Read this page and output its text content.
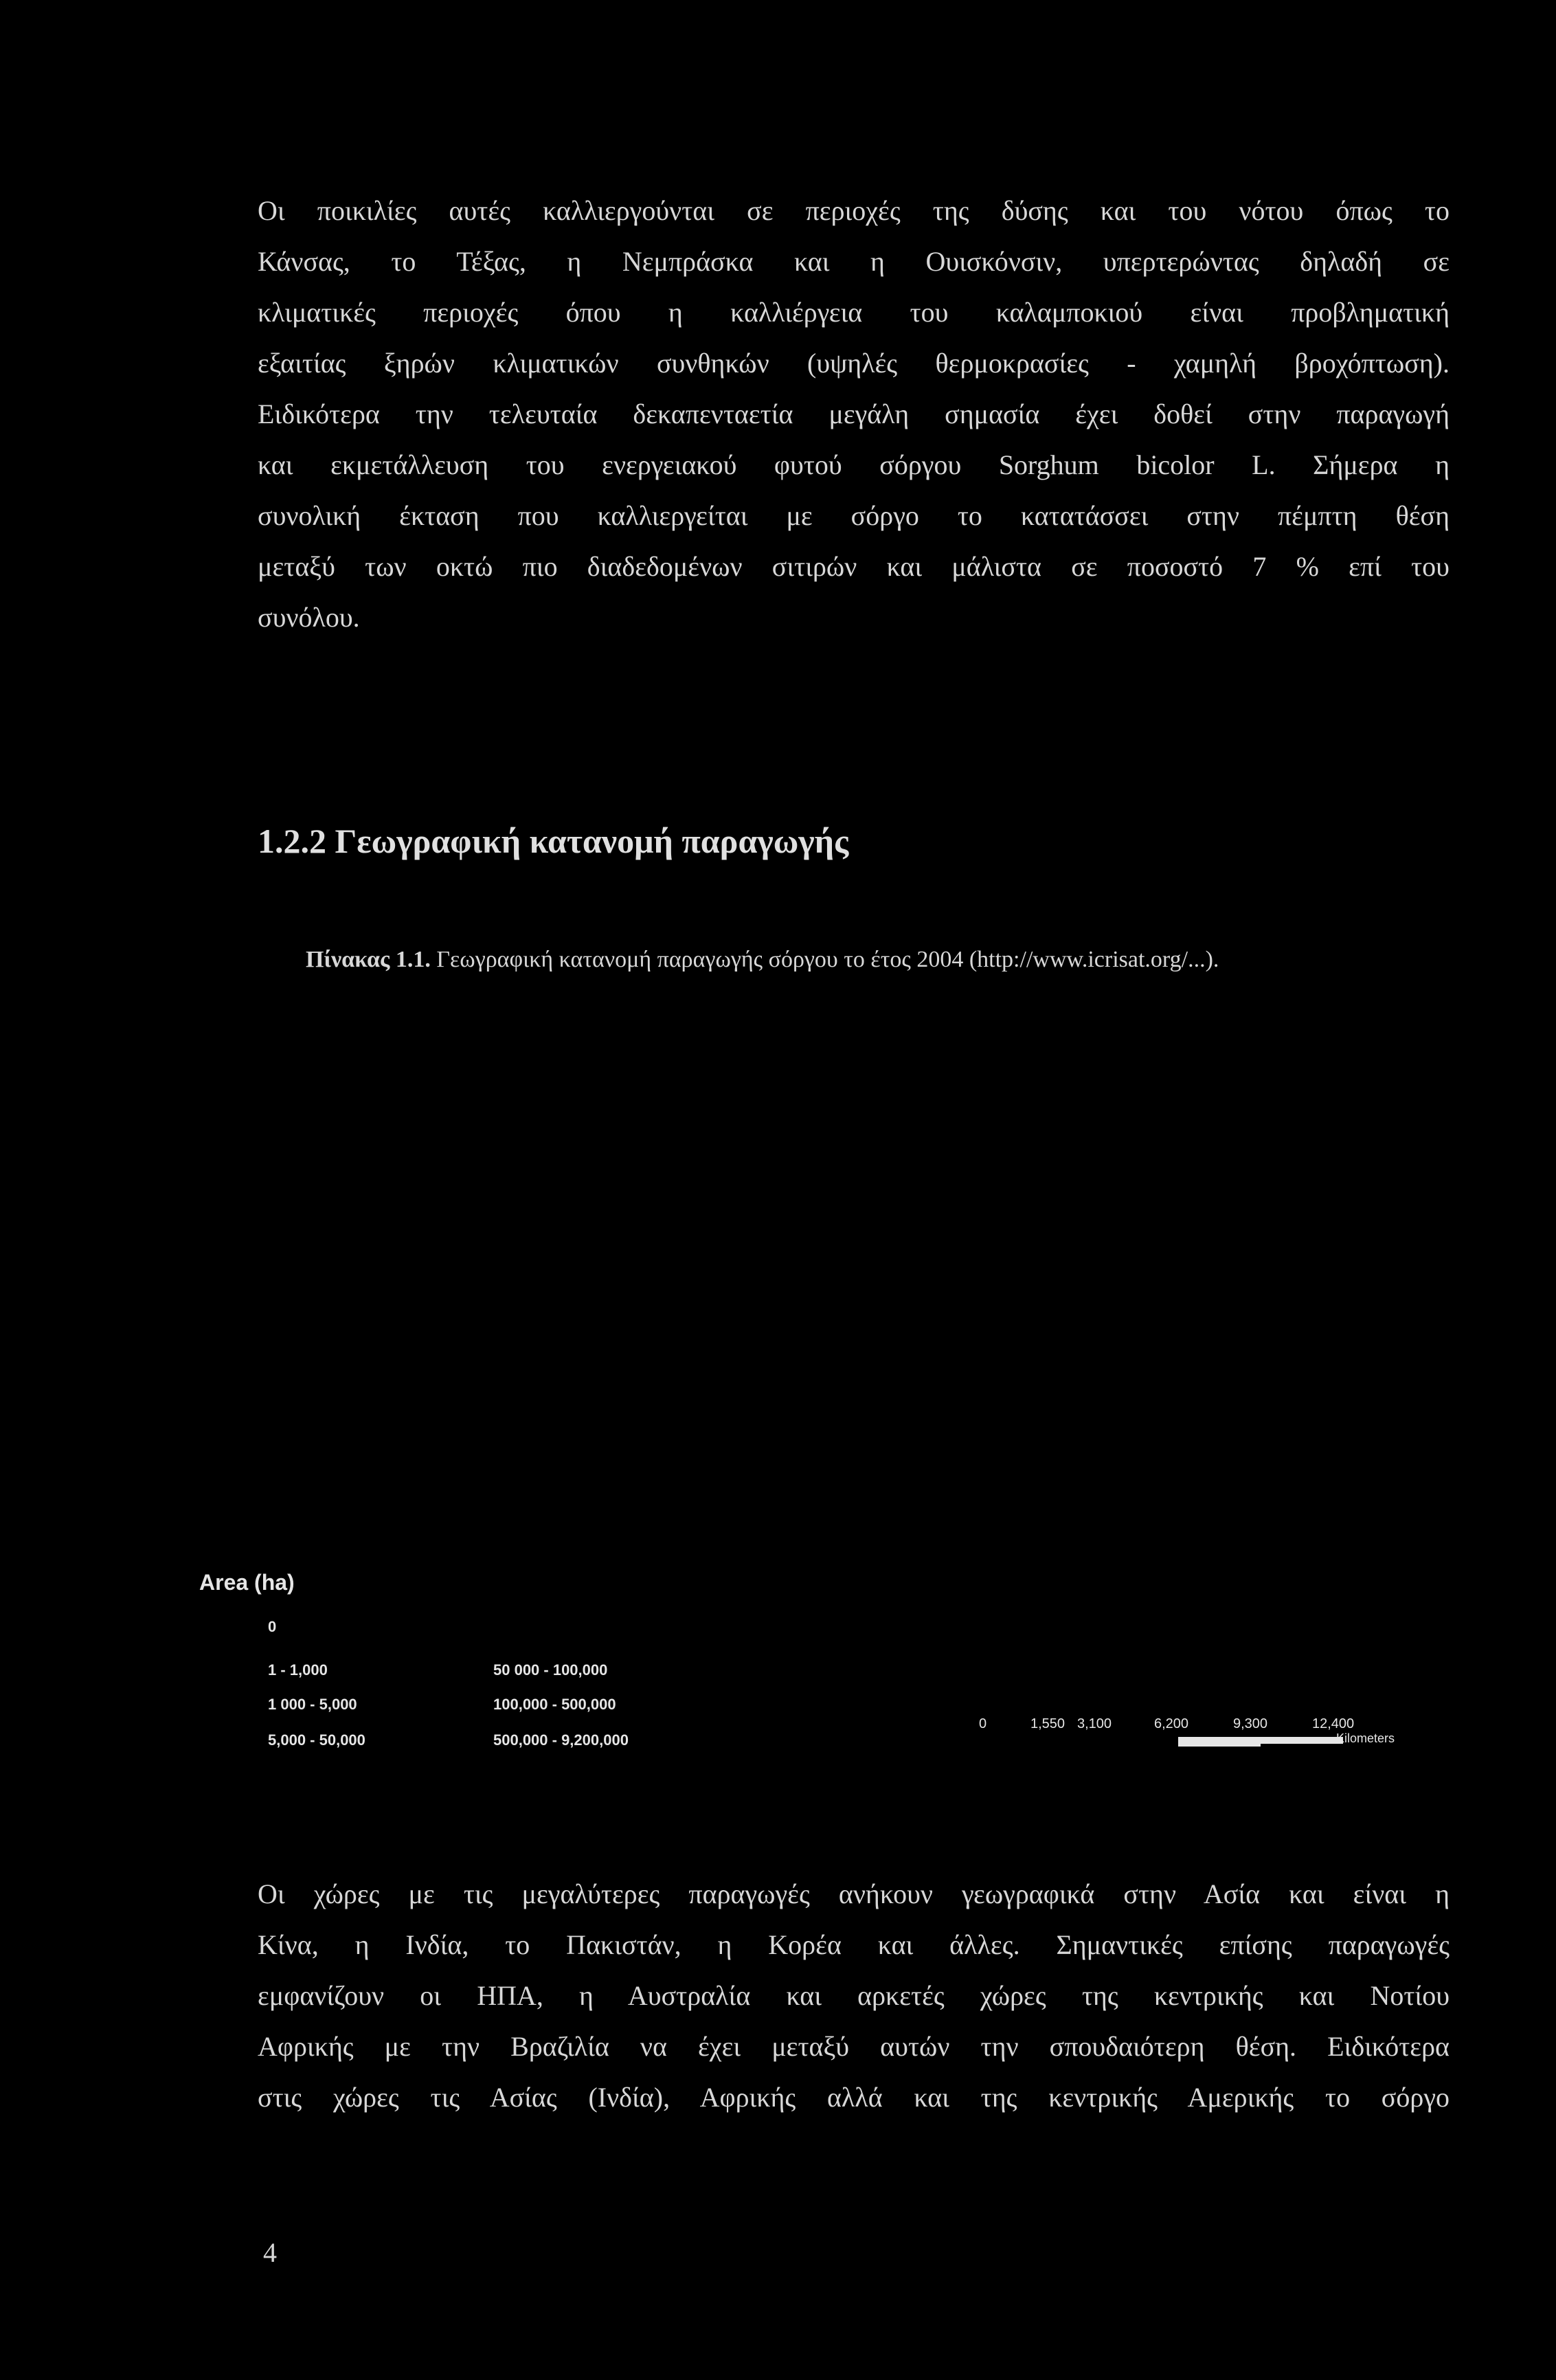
Οι ποικιλίες αυτές καλλιεργούνται σε περιοχές της δύσης και του νότου όπως το
Κάνσας, το Τέξας, η Νεμπράσκα και η Ουισκόνσιν, υπερτερώντας δηλαδή σε
κλιματικές περιοχές όπου η καλλιέργεια του καλαμποκιού είναι προβληματική
εξαιτίας ξηρών κλιματικών συνθηκών (υψηλές θερμοκρασίες - χαμηλή βροχόπτωση).
Ειδικότερα την τελευταία δεκαπενταετία μεγάλη σημασία έχει δοθεί στην παραγωγή
και εκμετάλλευση του ενεργειακού φυτού σόργου Sorghum bicolor L. Σήμερα η
συνολική έκταση που καλλιεργείται με σόργο το κατατάσσει στην πέμπτη θέση
μεταξύ των οκτώ πιο διαδεδομένων σιτιρών και μάλιστα σε ποσοστό 7 % επί του
συνόλου.
1.2.2 Γεωγραφική κατανομή παραγωγής

Πίνακας 1.1. Γεωγραφική κατανομή παραγωγής σόργου το έτος 2004 (http://www.icrisat.org/...).

Area (ha)
0
1 - 1,000
1 000 - 5,000
5,000 - 50,000
50 000 - 100,000
100,000 - 500,000
500,000 - 9,200,000
0	1,550 3,100	6,200	9,300	12,400
Kilometers
Οι χώρες με τις μεγαλύτερες παραγωγές ανήκουν γεωγραφικά στην Ασία και είναι η
Κίνα, η Ινδία, το Πακιστάν, η Κορέα και άλλες. Σημαντικές επίσης παραγωγές
εμφανίζουν οι ΗΠΑ, η Αυστραλία και αρκετές χώρες της κεντρικής και Νοτίου
Αφρικής με την Βραζιλία να έχει μεταξύ αυτών την σπουδαιότερη θέση. Ειδικότερα
στις χώρες τις Ασίας (Ινδία), Αφρικής αλλά και της κεντρικής Αμερικής το σόργο

4
